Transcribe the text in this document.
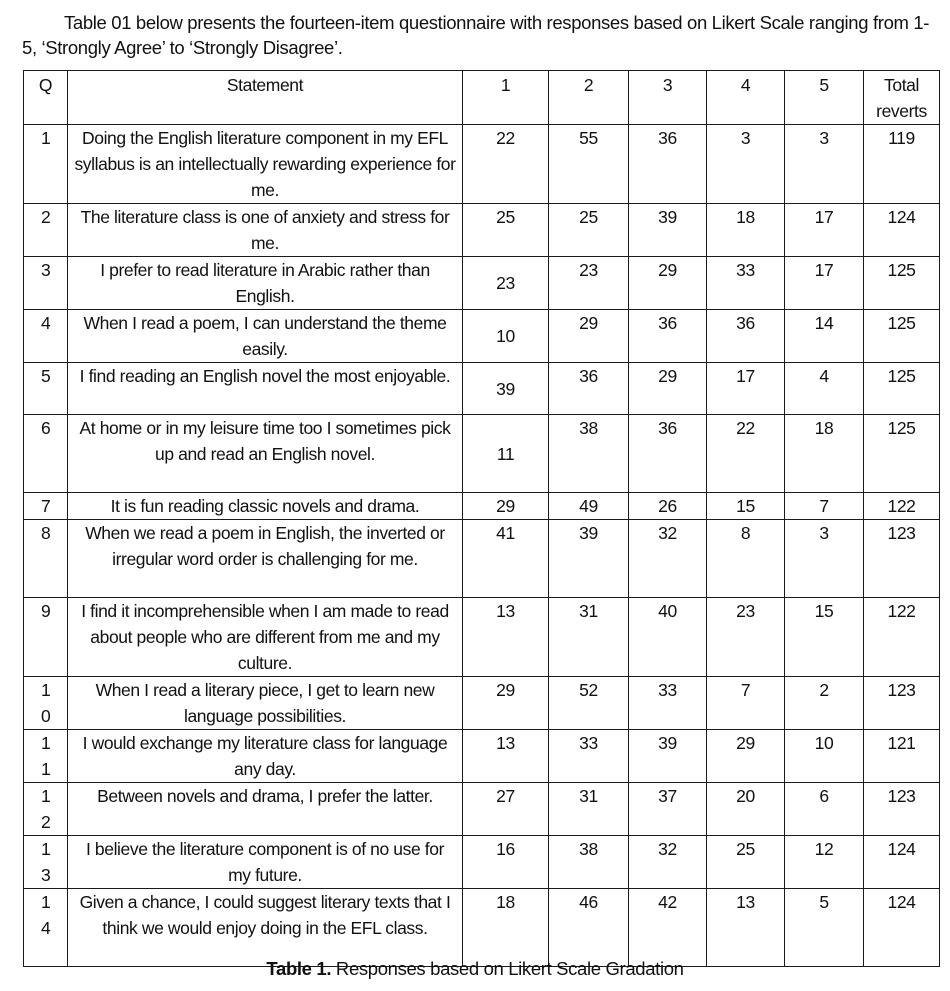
Table 01 below presents the fourteen-item questionnaire with responses based on Likert Scale ranging from 1-5, ‘Strongly Agree’ to ‘Strongly Disagree’.

Q	Statement	1	2	3	4	5	Total reverts
1	Doing the English literature component in my EFL syllabus is an intellectually rewarding experience for me.	22	55	36	3	3	119
2	The literature class is one of anxiety and stress for me.	25	25	39	18	17	124
3	I prefer to read literature in Arabic rather than English.	23	23	29	33	17	125
4	When I read a poem, I can understand the theme easily.	10	29	36	36	14	125
5	I find reading an English novel the most enjoyable.	39	36	29	17	4	125
6	At home or in my leisure time too I sometimes pick up and read an English novel.	11	38	36	22	18	125
7	It is fun reading classic novels and drama.	29	49	26	15	7	122
8	When we read a poem in English, the inverted or irregular word order is challenging for me.	41	39	32	8	3	123
9	I find it incomprehensible when I am made to read about people who are different from me and my culture.	13	31	40	23	15	122
10	When I read a literary piece, I get to learn new language possibilities.	29	52	33	7	2	123
11	I would exchange my literature class for language any day.	13	33	39	29	10	121
12	Between novels and drama, I prefer the latter.	27	31	37	20	6	123
13	I believe the literature component is of no use for my future.	16	38	32	25	12	124
14	Given a chance, I could suggest literary texts that I think we would enjoy doing in the EFL class.	18	46	42	13	5	124
Table 1. Responses based on Likert Scale Gradation
